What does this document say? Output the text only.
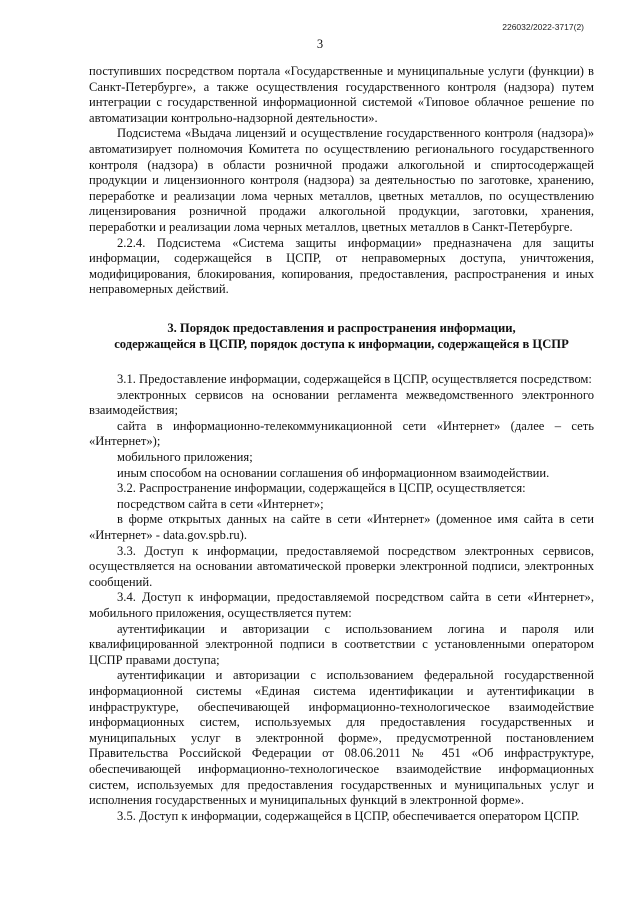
226032/2022-3717(2)
3

поступивших посредством портала «Государственные и муниципальные услуги (функции) в Санкт-Петербурге», а также осуществления государственного контроля (надзора) путем интеграции с государственной информационной системой «Типовое облачное решение по автоматизации контрольно-надзорной деятельности».

Подсистема «Выдача лицензий и осуществление государственного контроля (надзора)» автоматизирует полномочия Комитета по осуществлению регионального государственного контроля (надзора) в области розничной продажи алкогольной и спиртосодержащей продукции и лицензионного контроля (надзора) за деятельностью по заготовке, хранению, переработке и реализации лома черных металлов, цветных металлов, по осуществлению лицензирования розничной продажи алкогольной продукции, заготовки, хранения, переработки и реализации лома черных металлов, цветных металлов в Санкт-Петербурге.

2.2.4. Подсистема «Система защиты информации» предназначена для защиты информации, содержащейся в ЦСПР, от неправомерных доступа, уничтожения, модифицирования, блокирования, копирования, предоставления, распространения и иных неправомерных действий.

3. Порядок предоставления и распространения информации,
содержащейся в ЦСПР, порядок доступа к информации, содержащейся в ЦСПР

3.1. Предоставление информации, содержащейся в ЦСПР, осуществляется посредством:

электронных сервисов на основании регламента межведомственного электронного взаимодействия;

сайта в информационно-телекоммуникационной сети «Интернет» (далее – сеть «Интернет»);

мобильного приложения;

иным способом на основании соглашения об информационном взаимодействии.

3.2. Распространение информации, содержащейся в ЦСПР, осуществляется:

посредством сайта в сети «Интернет»;

в форме открытых данных на сайте в сети «Интернет» (доменное имя сайта в сети «Интернет» - data.gov.spb.ru).

3.3. Доступ к информации, предоставляемой посредством электронных сервисов, осуществляется на основании автоматической проверки электронной подписи, электронных сообщений.

3.4. Доступ к информации, предоставляемой посредством сайта в сети «Интернет», мобильного приложения, осуществляется путем:

аутентификации и авторизации с использованием логина и пароля или квалифицированной электронной подписи в соответствии с установленными оператором ЦСПР правами доступа;

аутентификации и авторизации с использованием федеральной государственной информационной системы «Единая система идентификации и аутентификации в инфраструктуре, обеспечивающей информационно-технологическое взаимодействие информационных систем, используемых для предоставления государственных и муниципальных услуг в электронной форме», предусмотренной постановлением Правительства Российской Федерации от 08.06.2011 № 451 «Об инфраструктуре, обеспечивающей информационно-технологическое взаимодействие информационных систем, используемых для предоставления государственных и муниципальных услуг и исполнения государственных и муниципальных функций в электронной форме».

3.5. Доступ к информации, содержащейся в ЦСПР, обеспечивается оператором ЦСПР.
